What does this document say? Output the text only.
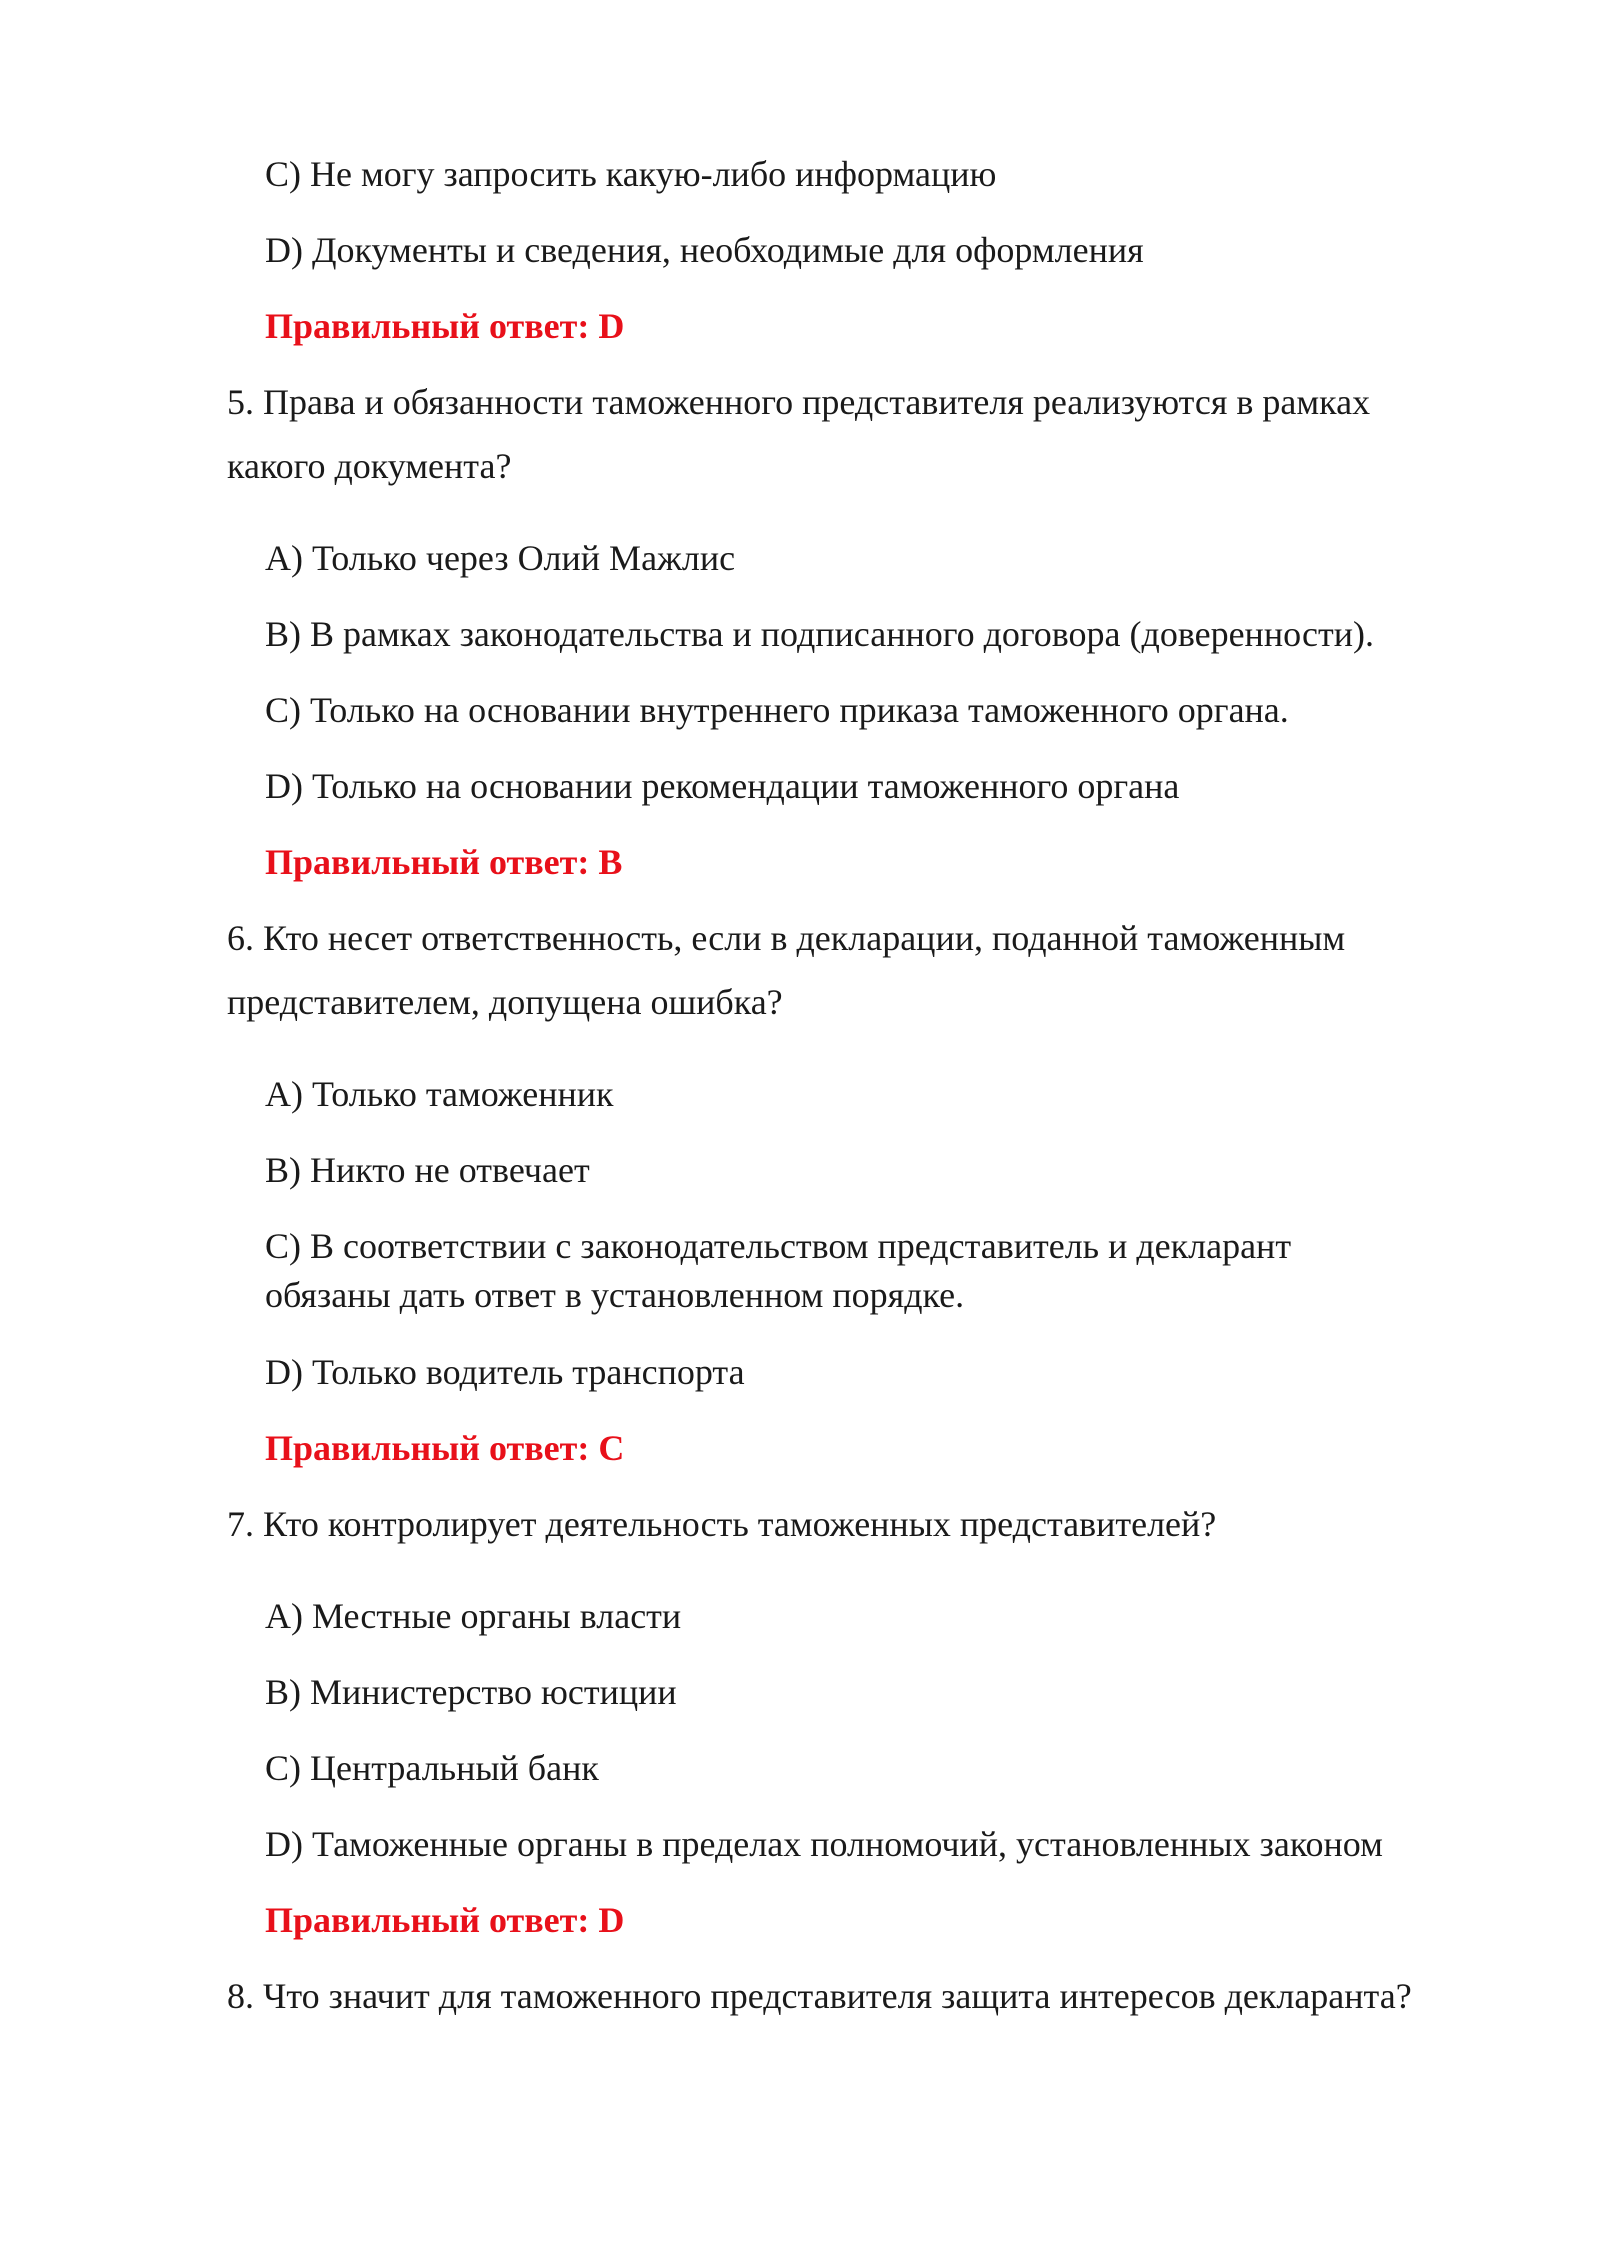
C) Не могу запросить какую-либо информацию

D) Документы и сведения, необходимые для оформления

Правильный ответ: D

5. Права и обязанности таможенного представителя реализуются в рамках

какого документа?

A) Только через Олий Мажлис

B) В рамках законодательства и подписанного договора (доверенности).

C) Только на основании внутреннего приказа таможенного органа.

D) Только на основании рекомендации таможенного органа

Правильный ответ: B

6. Кто несет ответственность, если в декларации, поданной таможенным

представителем, допущена ошибка?

A) Только таможенник

B) Никто не отвечает

C) В соответствии с законодательством представитель и декларант

обязаны дать ответ в установленном порядке.

D) Только водитель транспорта

Правильный ответ: C

7. Кто контролирует деятельность таможенных представителей?

A) Местные органы власти

B) Министерство юстиции

C) Центральный банк

D) Таможенные органы в пределах полномочий, установленных законом

Правильный ответ: D

8. Что значит для таможенного представителя защита интересов декларанта?
